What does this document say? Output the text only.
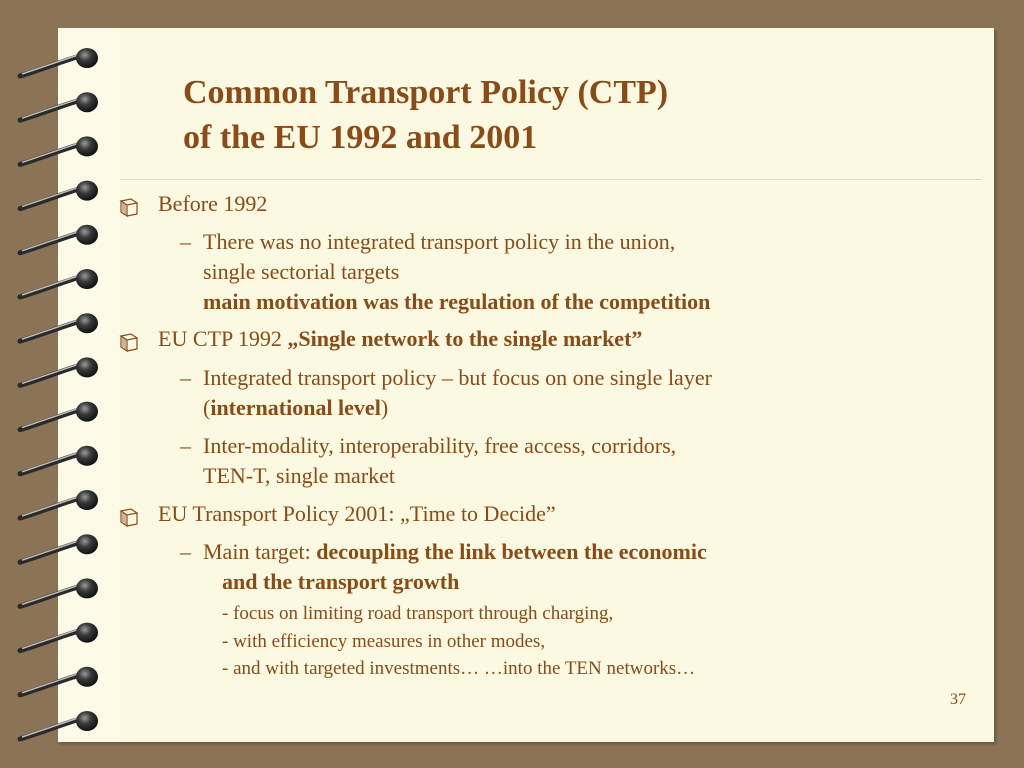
Common Transport Policy (CTP)
of the EU 1992 and 2001
Before 1992
– There was no integrated transport policy in the union,
single sectorial targets
main motivation was the regulation of the competition
EU CTP 1992 „Single network to the single market”
– Integrated transport policy – but focus on one single layer
(international level)
– Inter-modality, interoperability, free access, corridors,
TEN-T, single market
EU Transport Policy 2001: „Time to Decide”
– Main target: decoupling the link between the economic
and the transport growth
- focus on limiting road transport through charging,
- with efficiency measures in other modes,
- and with targeted investments… …into the TEN networks…
37
